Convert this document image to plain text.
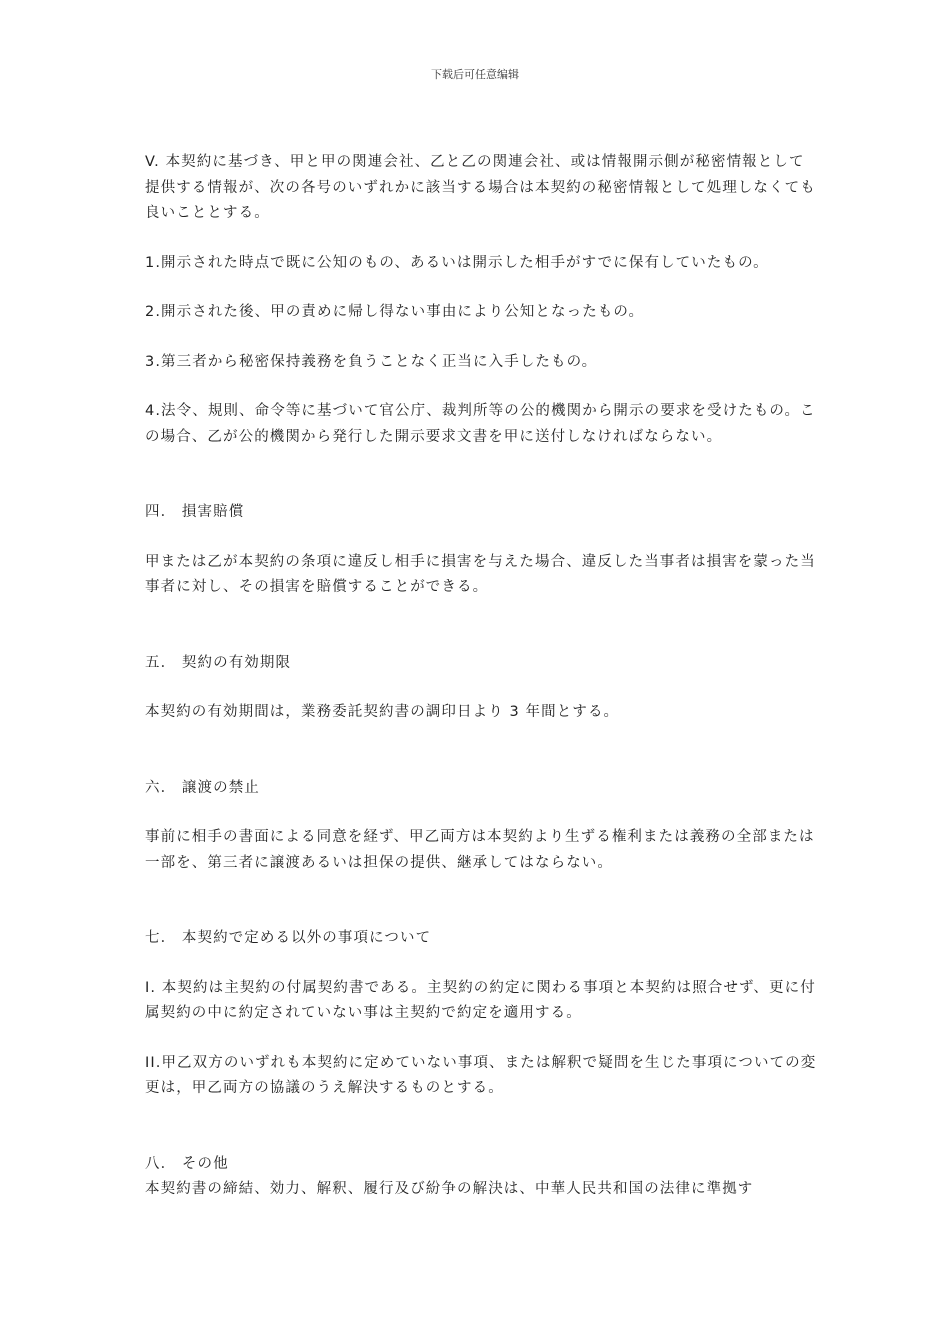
下载后可任意编辑

V. 本契約に基づき、甲と甲の関連会社、乙と乙の関連会社、或は情報開示側が秘密情報として提供する情報が、次の各号のいずれかに該当する場合は本契約の秘密情報として処理しなくても良いこととする。

1.開示された時点で既に公知のもの、あるいは開示した相手がすでに保有していたもの。

2.開示された後、甲の責めに帰し得ない事由により公知となったもの。

3.第三者から秘密保持義務を負うことなく正当に入手したもの。

4.法令、規則、命令等に基づいて官公庁、裁判所等の公的機関から開示の要求を受けたもの。この場合、乙が公的機関から発行した開示要求文書を甲に送付しなければならない。

四． 損害賠償

甲または乙が本契約の条項に違反し相手に損害を与えた場合、違反した当事者は損害を蒙った当事者に対し、その損害を賠償することができる。

五． 契約の有効期限

本契約の有効期間は，業務委託契約書の調印日より 3 年間とする。

六． 譲渡の禁止

事前に相手の書面による同意を経ず、甲乙両方は本契約より生ずる権利または義務の全部または一部を、第三者に譲渡あるいは担保の提供、継承してはならない。

七． 本契約で定める以外の事項について

I. 本契約は主契約の付属契約書である。主契約の約定に関わる事項と本契約は照合せず、更に付属契約の中に約定されていない事は主契約で約定を適用する。

II.甲乙双方のいずれも本契約に定めていない事項、または解釈で疑問を生じた事項についての変更は，甲乙両方の協議のうえ解決するものとする。

八． その他

本契約書の締結、効力、解釈、履行及び紛争の解決は、中華人民共和国の法律に準拠す
